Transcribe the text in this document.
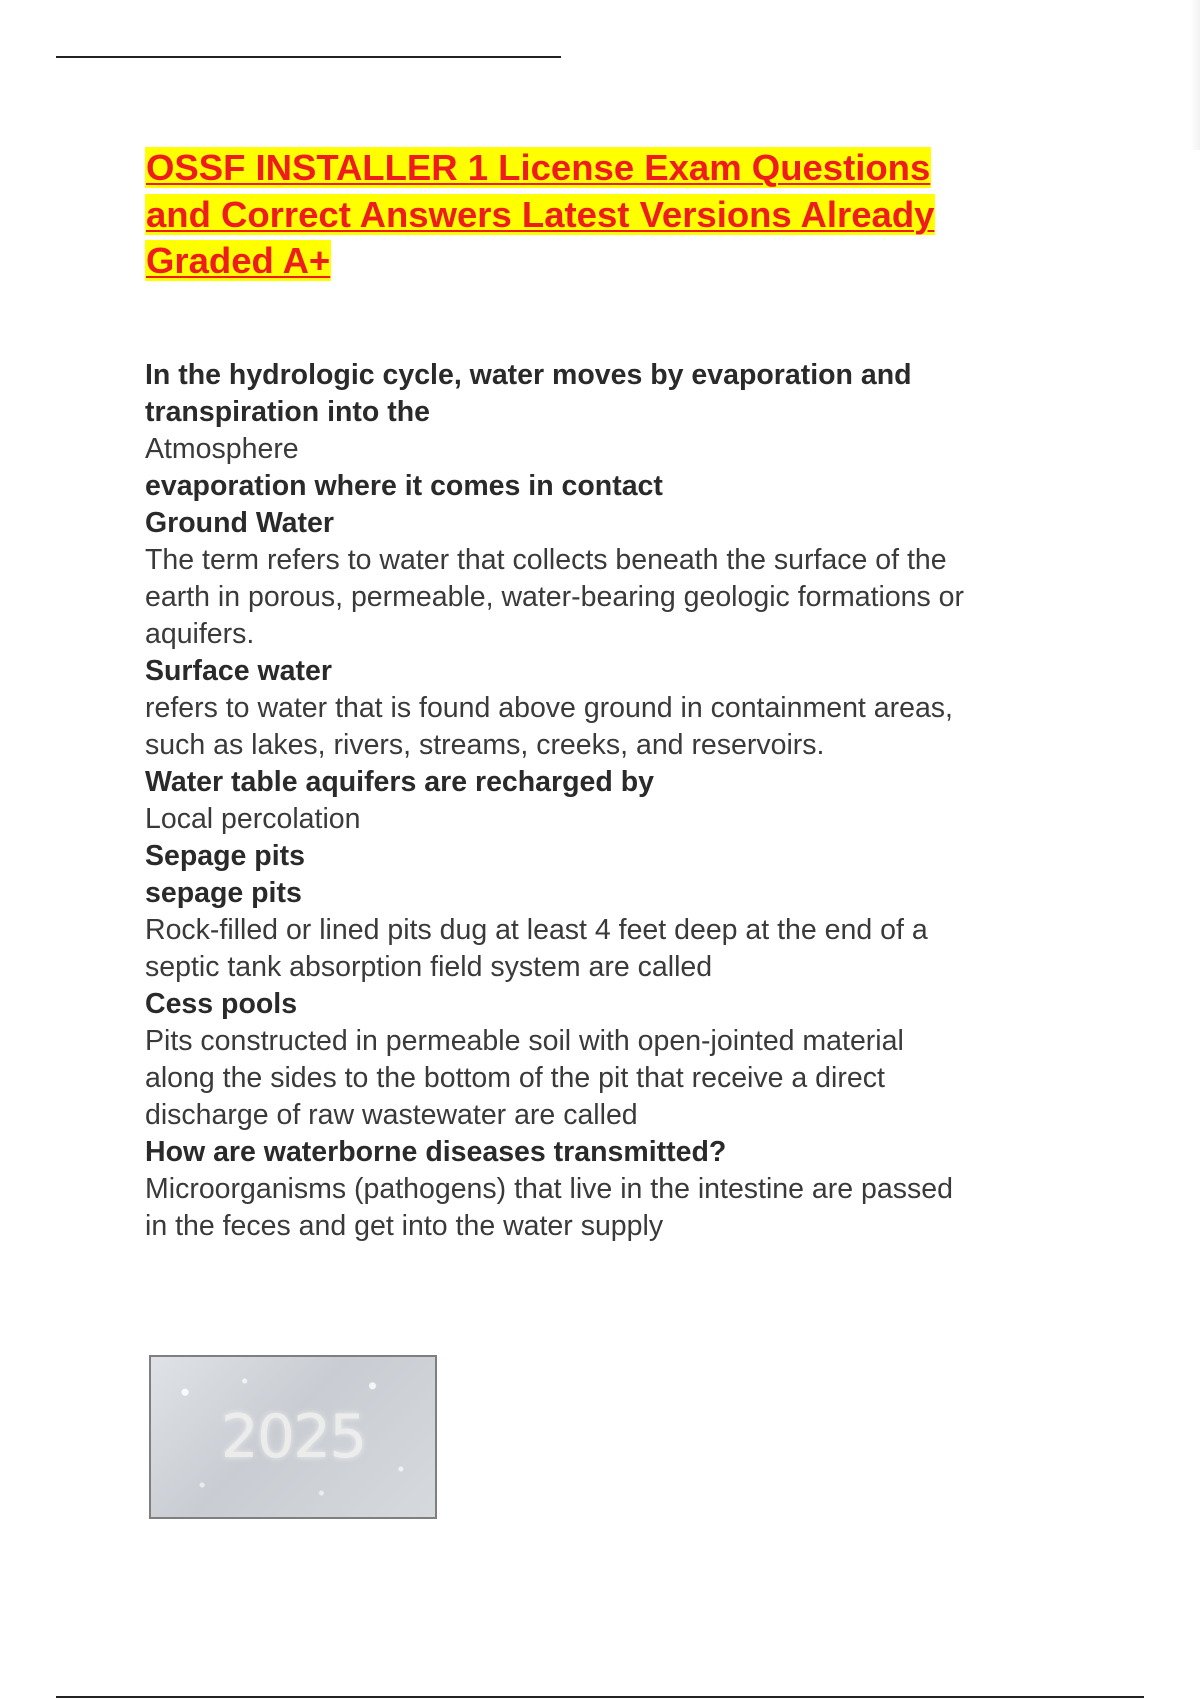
OSSF INSTALLER 1 License Exam Questions
and Correct Answers Latest Versions Already
Graded A+

In the hydrologic cycle, water moves by evaporation and

transpiration into the

Atmosphere

evaporation where it comes in contact

Ground Water

The term refers to water that collects beneath the surface of the

earth in porous, permeable, water-bearing geologic formations or

aquifers.

Surface water

refers to water that is found above ground in containment areas,

such as lakes, rivers, streams, creeks, and reservoirs.

Water table aquifers are recharged by

Local percolation

Sepage pits

sepage pits

Rock-filled or lined pits dug at least 4 feet deep at the end of a

septic tank absorption field system are called

Cess pools

Pits constructed in permeable soil with open-jointed material

along the sides to the bottom of the pit that receive a direct

discharge of raw wastewater are called

How are waterborne diseases transmitted?

Microorganisms (pathogens) that live in the intestine are passed

in the feces and get into the water supply

2025
